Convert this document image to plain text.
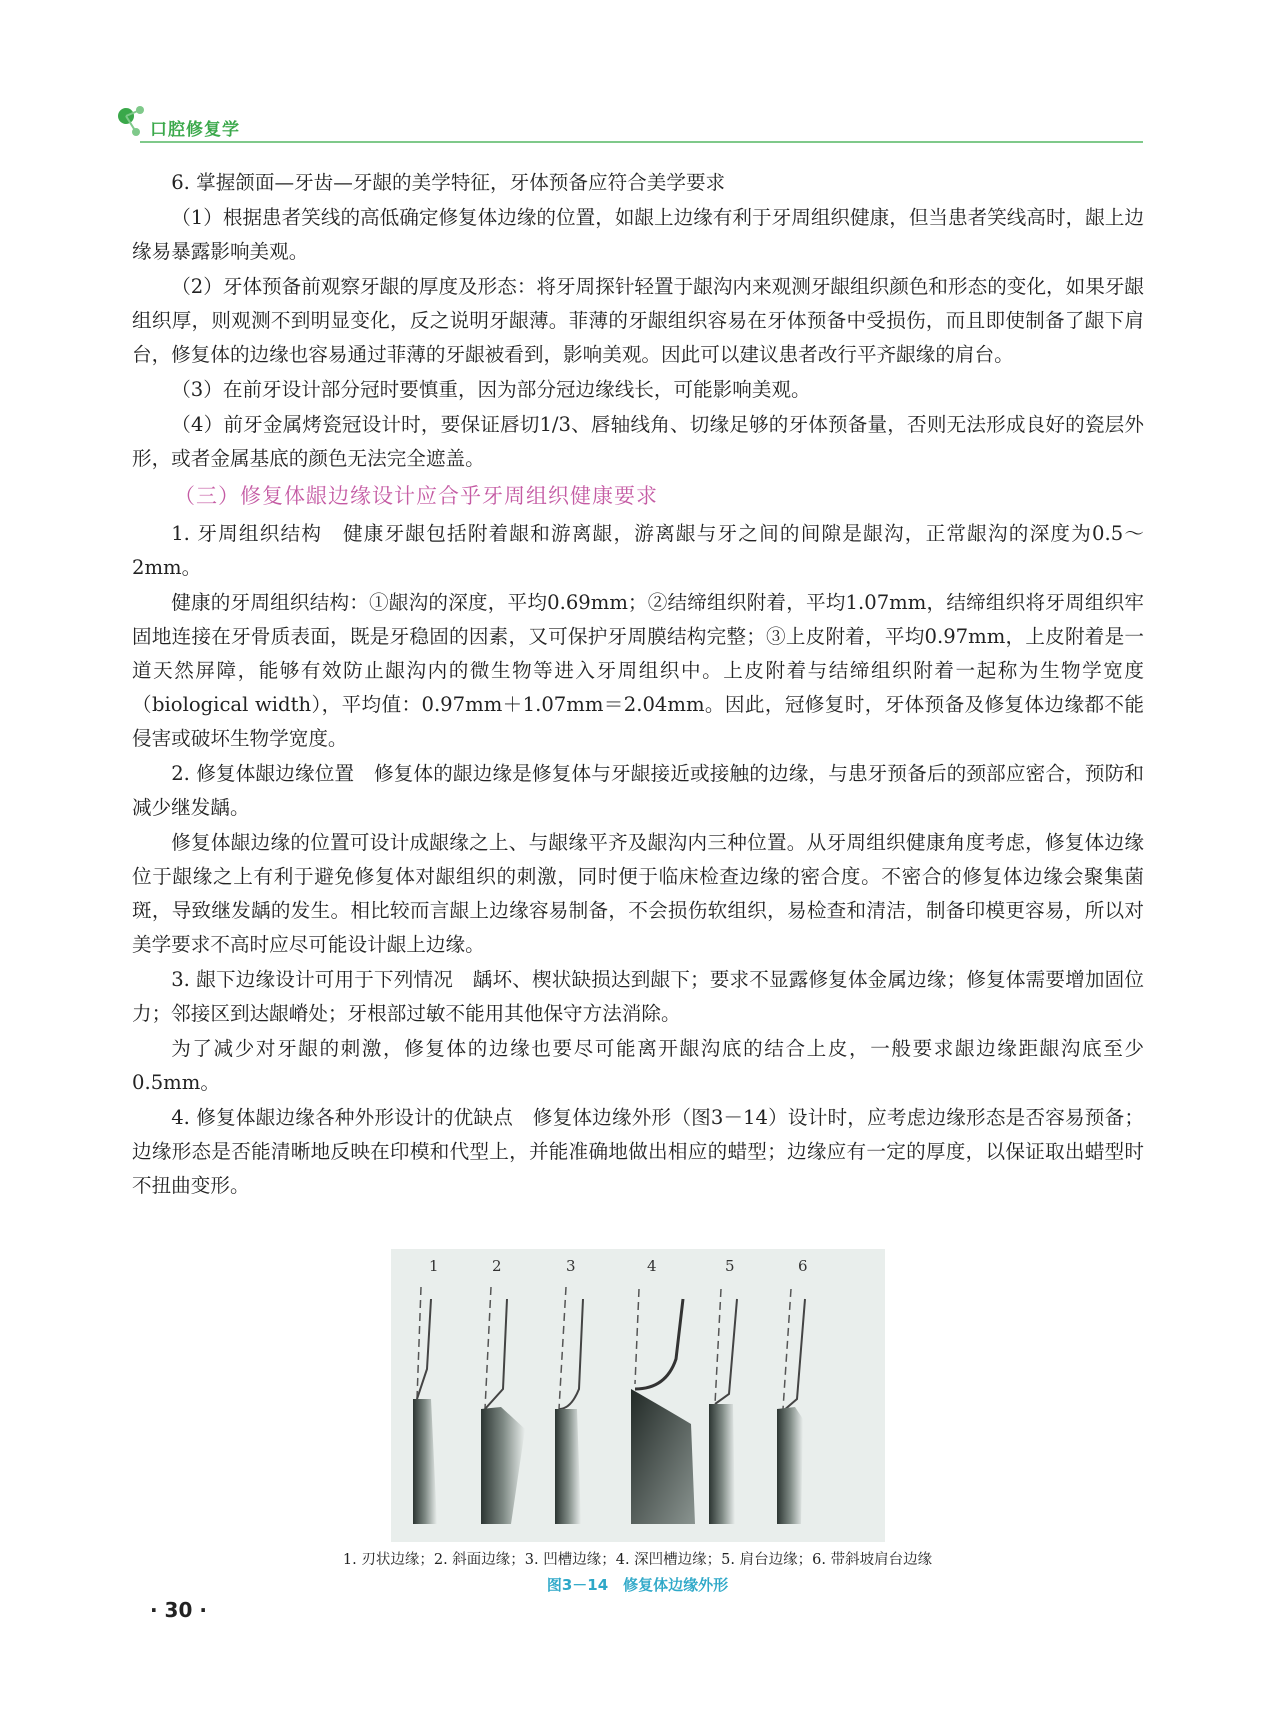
口腔修复学

6. 掌握颌面—牙齿—牙龈的美学特征，牙体预备应符合美学要求

（1）根据患者笑线的高低确定修复体边缘的位置，如龈上边缘有利于牙周组织健康，但当患者笑线高时，龈上边缘易暴露影响美观。

（2）牙体预备前观察牙龈的厚度及形态：将牙周探针轻置于龈沟内来观测牙龈组织颜色和形态的变化，如果牙龈组织厚，则观测不到明显变化，反之说明牙龈薄。菲薄的牙龈组织容易在牙体预备中受损伤，而且即使制备了龈下肩台，修复体的边缘也容易通过菲薄的牙龈被看到，影响美观。因此可以建议患者改行平齐龈缘的肩台。

（3）在前牙设计部分冠时要慎重，因为部分冠边缘线长，可能影响美观。

（4）前牙金属烤瓷冠设计时，要保证唇切1/3、唇轴线角、切缘足够的牙体预备量，否则无法形成良好的瓷层外形，或者金属基底的颜色无法完全遮盖。

（三）修复体龈边缘设计应合乎牙周组织健康要求

1. 牙周组织结构　健康牙龈包括附着龈和游离龈，游离龈与牙之间的间隙是龈沟，正常龈沟的深度为0.5～2mm。

健康的牙周组织结构：①龈沟的深度，平均0.69mm；②结缔组织附着，平均1.07mm，结缔组织将牙周组织牢固地连接在牙骨质表面，既是牙稳固的因素，又可保护牙周膜结构完整；③上皮附着，平均0.97mm，上皮附着是一道天然屏障，能够有效防止龈沟内的微生物等进入牙周组织中。上皮附着与结缔组织附着一起称为生物学宽度（biological width），平均值：0.97mm＋1.07mm＝2.04mm。因此，冠修复时，牙体预备及修复体边缘都不能侵害或破坏生物学宽度。

2. 修复体龈边缘位置　修复体的龈边缘是修复体与牙龈接近或接触的边缘，与患牙预备后的颈部应密合，预防和减少继发龋。

修复体龈边缘的位置可设计成龈缘之上、与龈缘平齐及龈沟内三种位置。从牙周组织健康角度考虑，修复体边缘位于龈缘之上有利于避免修复体对龈组织的刺激，同时便于临床检查边缘的密合度。不密合的修复体边缘会聚集菌斑，导致继发龋的发生。相比较而言龈上边缘容易制备，不会损伤软组织，易检查和清洁，制备印模更容易，所以对美学要求不高时应尽可能设计龈上边缘。

3. 龈下边缘设计可用于下列情况　龋坏、楔状缺损达到龈下；要求不显露修复体金属边缘；修复体需要增加固位力；邻接区到达龈嵴处；牙根部过敏不能用其他保守方法消除。

为了减少对牙龈的刺激，修复体的边缘也要尽可能离开龈沟底的结合上皮，一般要求龈边缘距龈沟底至少0.5mm。

4. 修复体龈边缘各种外形设计的优缺点　修复体边缘外形（图3－14）设计时，应考虑边缘形态是否容易预备；边缘形态是否能清晰地反映在印模和代型上，并能准确地做出相应的蜡型；边缘应有一定的厚度，以保证取出蜡型时不扭曲变形。

1	2	3	4	5	6
1. 刃状边缘；2. 斜面边缘；3. 凹槽边缘；4. 深凹槽边缘；5. 肩台边缘；6. 带斜坡肩台边缘
图3－14　修复体边缘外形
· 30 ·
